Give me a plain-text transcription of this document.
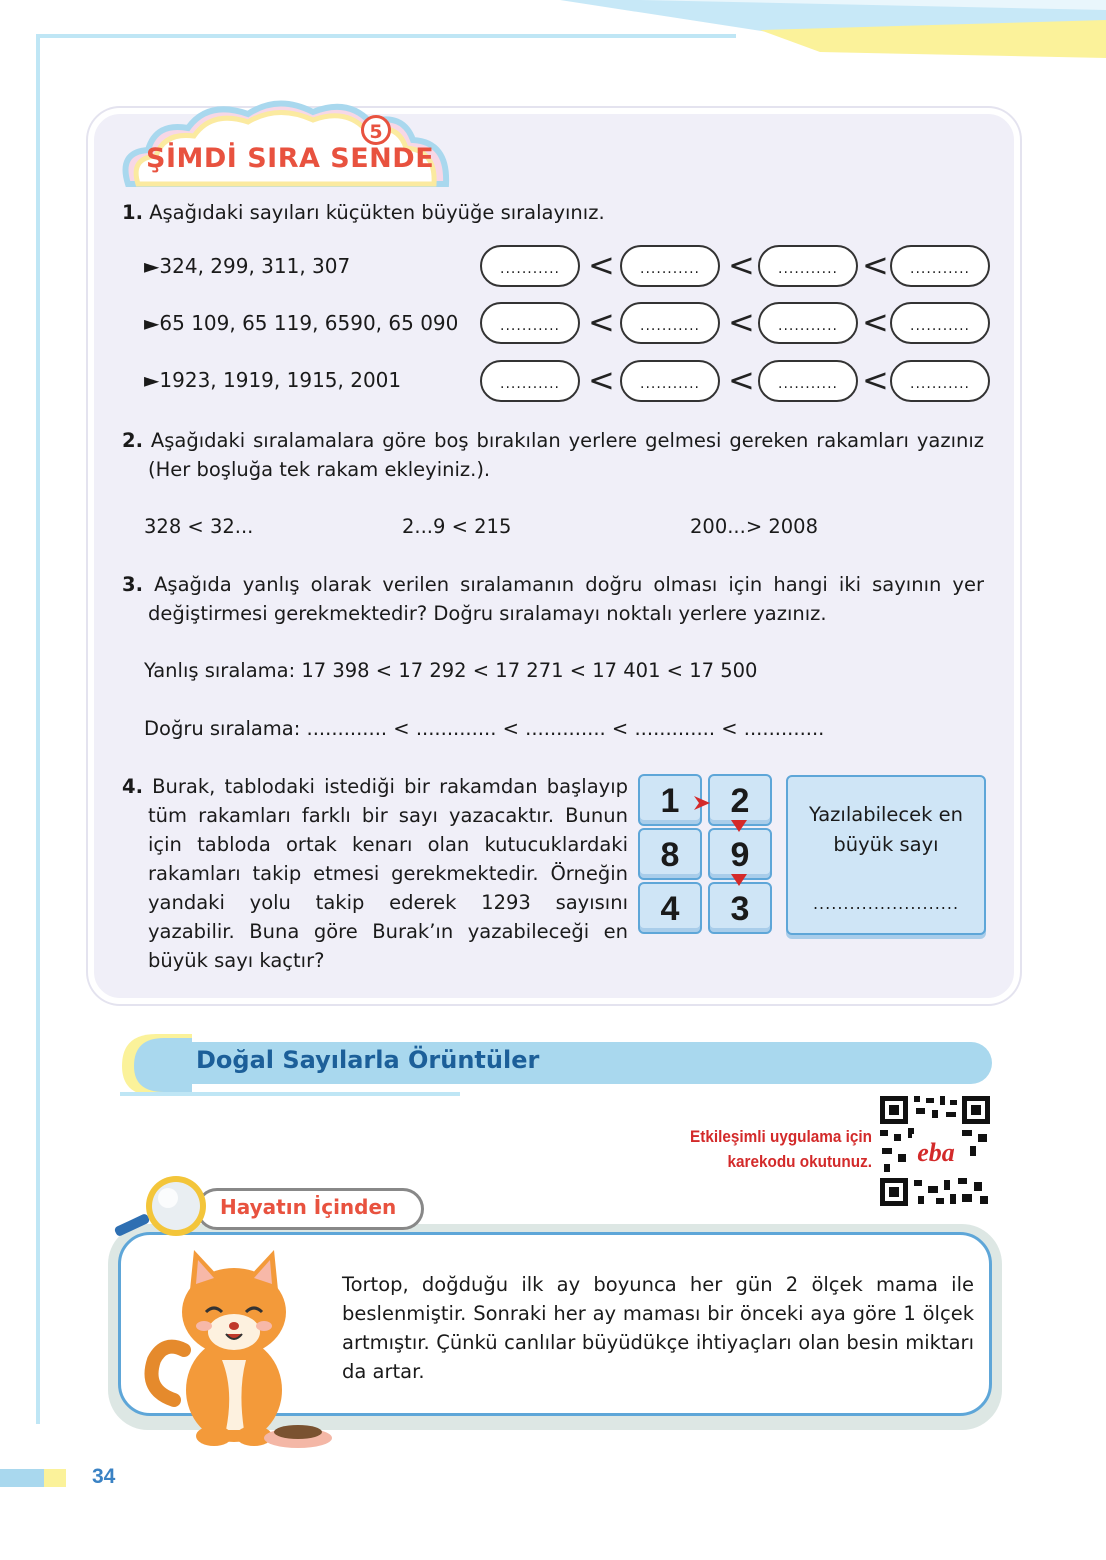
5
ŞİMDİ SIRA SENDE
1. Aşağıdaki sayıları küçükten büyüğe sıralayınız.
►324, 299, 311, 307
►65 109, 65 119, 6590, 65 090
►1923, 1919, 1915, 2001
........... <	........... <	........... <	...........
........... <	........... <	........... <	...........
........... <	........... <	........... <	...........
2. Aşağıdaki sıralamalara göre boş bırakılan yerlere gelmesi gereken rakamları yazınız (Her boşluğa tek rakam ekleyiniz.).
328 < 32...	2...9 < 215	200...> 2008
3. Aşağıda yanlış olarak verilen sıralamanın doğru olması için hangi iki sayının yer değiştirmesi gerekmektedir? Doğru sıralamayı noktalı yerlere yazınız.
Yanlış sıralama: 17 398 < 17 292 < 17 271 < 17 401 < 17 500
Doğru sıralama: ............. < ............. < ............. < ............. < .............
4. Burak, tablodaki istediği bir rakamdan başlayıp tüm rakamları farklı bir sayı yazacaktır. Bunun için tabloda ortak kenarı olan kutucuklardaki rakamları takip etmesi gerekmektedir. Örneğin yandaki yolu takip ederek 1293 sayısını yazabilir. Buna göre Burak’ın yazabileceği en büyük sayı kaçtır?
1	2
8	9
4	3
Yazılabilecek en büyük sayı
........................
Doğal Sayılarla Örüntüler
Etkileşimli uygulama için karekodu okutunuz. eba
Hayatın İçinden
Tortop, doğduğu ilk ay boyunca her gün 2 ölçek mama ile beslenmiştir. Sonraki her ay maması bir önceki aya göre 1 ölçek artmıştır. Çünkü canlılar büyüdükçe ihtiyaçları olan besin miktarı da artar.
34
